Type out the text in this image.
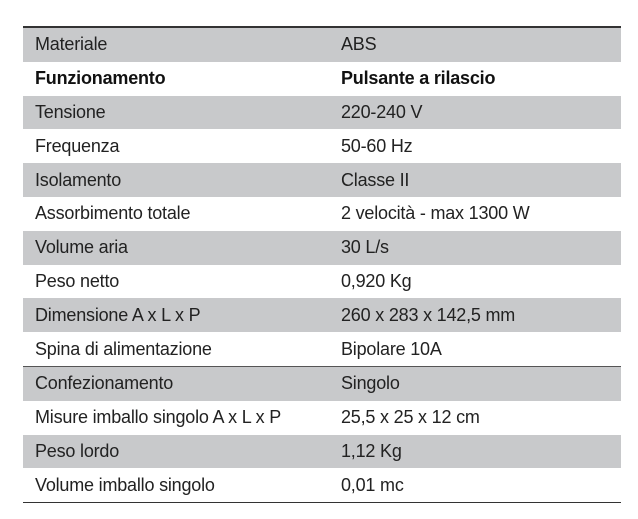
Materiale	ABS
Funzionamento	Pulsante a rilascio
Tensione	220-240 V
Frequenza	50-60 Hz
Isolamento	Classe II
Assorbimento totale	2 velocità - max 1300 W
Volume aria	30 L/s
Peso netto	0,920 Kg
Dimensione A x L x P	260 x 283 x 142,5 mm
Spina di alimentazione	Bipolare 10A
Confezionamento	Singolo
Misure imballo singolo A x L x P	25,5 x 25 x 12 cm
Peso lordo	1,12 Kg
Volume imballo singolo	0,01 mc
